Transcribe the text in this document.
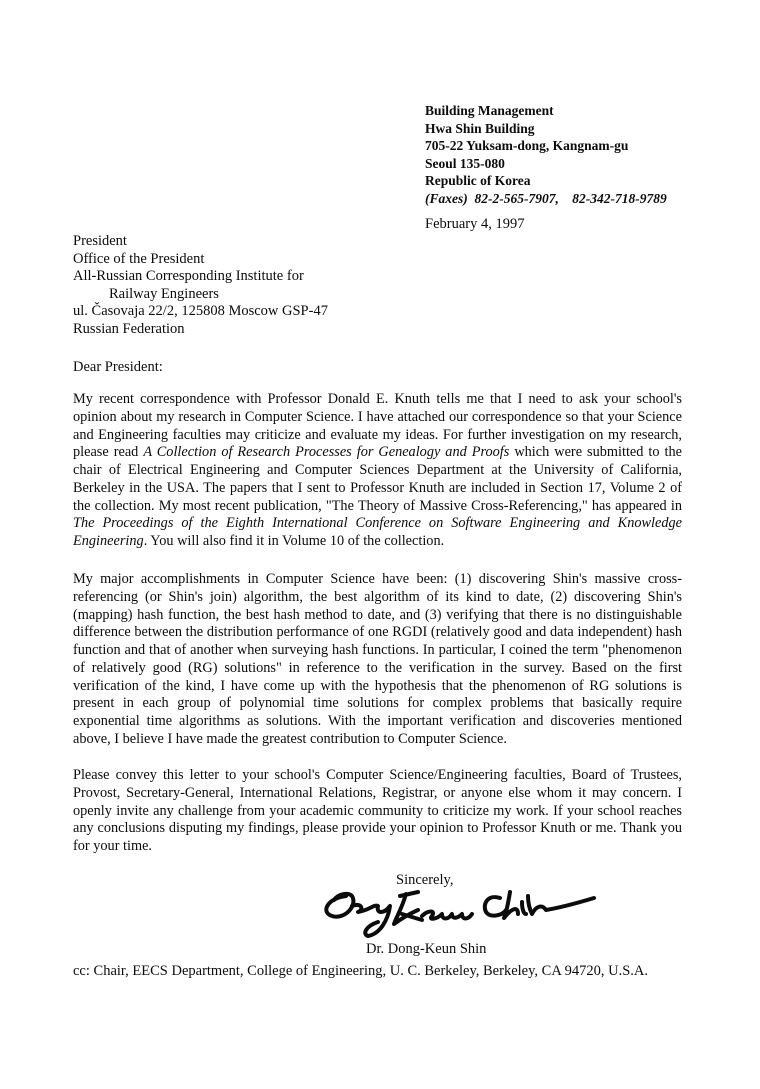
Building Management
Hwa Shin Building
705-22 Yuksam-dong, Kangnam-gu
Seoul 135-080
Republic of Korea
(Faxes) 82-2-565-7907, 82-342-718-9789
February 4, 1997
President
Office of the President
All-Russian Corresponding Institute for
Railway Engineers
ul. Časovaja 22/2, 125808 Moscow GSP-47
Russian Federation
Dear President:
My recent correspondence with Professor Donald E. Knuth tells me that I need to ask your school's opinion about my research in Computer Science. I have attached our correspondence so that your Science and Engineering faculties may criticize and evaluate my ideas. For further investigation on my research, please read A Collection of Research Processes for Genealogy and Proofs which were submitted to the chair of Electrical Engineering and Computer Sciences Department at the University of California, Berkeley in the USA. The papers that I sent to Professor Knuth are included in Section 17, Volume 2 of the collection. My most recent publication, "The Theory of Massive Cross-Referencing," has appeared in The Proceedings of the Eighth International Conference on Software Engineering and Knowledge Engineering. You will also find it in Volume 10 of the collection.
My major accomplishments in Computer Science have been: (1) discovering Shin's massive cross-referencing (or Shin's join) algorithm, the best algorithm of its kind to date, (2) discovering Shin's (mapping) hash function, the best hash method to date, and (3) verifying that there is no distinguishable difference between the distribution performance of one RGDI (relatively good and data independent) hash function and that of another when surveying hash functions. In particular, I coined the term "phenomenon of relatively good (RG) solutions" in reference to the verification in the survey. Based on the first verification of the kind, I have come up with the hypothesis that the phenomenon of RG solutions is present in each group of polynomial time solutions for complex problems that basically require exponential time algorithms as solutions. With the important verification and discoveries mentioned above, I believe I have made the greatest contribution to Computer Science.
Please convey this letter to your school's Computer Science/Engineering faculties, Board of Trustees, Provost, Secretary-General, International Relations, Registrar, or anyone else whom it may concern. I openly invite any challenge from your academic community to criticize my work. If your school reaches any conclusions disputing my findings, please provide your opinion to Professor Knuth or me. Thank you for your time.
Sincerely,
Dr. Dong-Keun Shin
cc: Chair, EECS Department, College of Engineering, U. C. Berkeley, Berkeley, CA 94720, U.S.A.
